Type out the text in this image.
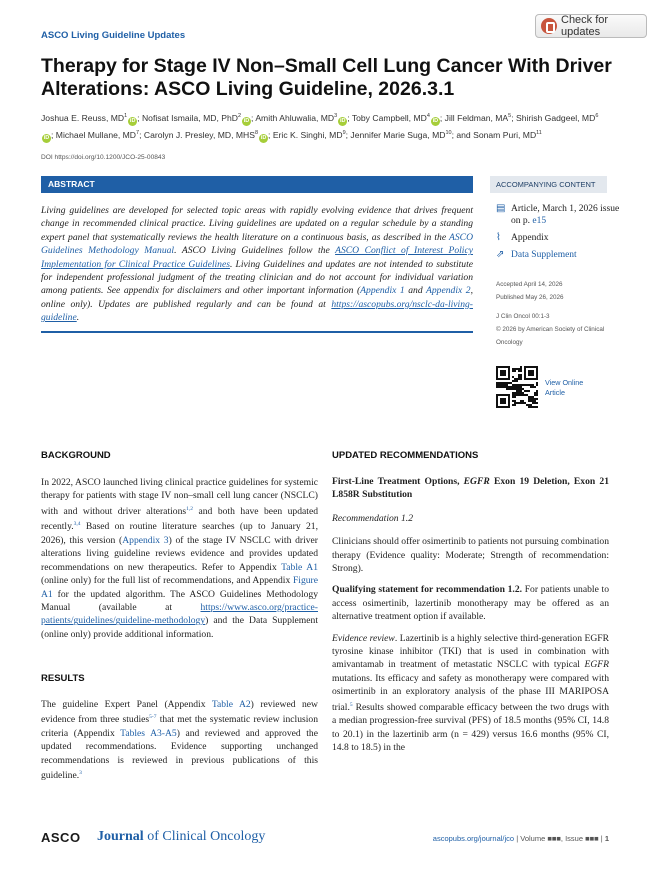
ASCO Living Guideline Updates
Check for updates
Therapy for Stage IV Non–Small Cell Lung Cancer With Driver Alterations: ASCO Living Guideline, 2026.3.1
Joshua E. Reuss, $MD^1iD$ ; Nofisat Ismaila, MD, PhD$^2$iD ; Amith Ahluwalia, $MD^3iD$ ; Toby Campbell, $MD^4iD$ ; Jill Feldman, $MA^5$; Shirish Gadgeel, $MD^6iD$ ; Michael Mullane, $MD^7$; Carolyn J. Presley, MD, MHS$^8$iD ; Eric K. Singhi, $MD^9$; Jennifer Marie Suga, MD$^{10}$; and Sonam Puri, MD$^{11}$
DOI https://doi.org/10.1200/JCO-25-00843
ABSTRACT

Living guidelines are developed for selected topic areas with rapidly evolving evidence that drives frequent change in recommended clinical practice. Living guidelines are updated on a regular schedule by a standing expert panel that systematically reviews the health literature on a continuous basis, as described in the ASCO Guidelines Methodology Manual. ASCO Living Guidelines follow the ASCO Conflict of Interest Policy Implementation for Clinical Practice Guidelines. Living Guidelines and updates are not intended to substitute for independent professional judgment of the treating clinician and do not account for individual variation among patients. See appendix for disclaimers and other important information (Appendix 1 and Appendix 2, online only). Updates are published regularly and can be found at https://ascopubs.org/nsclc-da-living-guideline.

ACCOMPANYING CONTENT
▤ Article, March 1, 2026 issue on p. e15
⌇	Appendix
⇗ Data Supplement
Accepted April 14, 2026
Published May 26, 2026
J Clin Oncol 00:1-3
© 2026 by American Society of Clinical Oncology
View Online Article
BACKGROUND

In 2022, ASCO launched living clinical practice guidelines for systemic therapy for patients with stage IV non–small cell lung cancer (NSCLC) with and without driver alterations$^{1,2}$ and both have been updated recently.$^{3,4}$ Based on routine literature searches (up to January 21, 2026), this version (Appendix 3) of the stage IV NSCLC with driver alterations living guideline reviews evidence and provides updated recommendations on new therapeutics. Refer to Appendix Table A1 (online only) for the full list of recommendations, and Appendix Figure A1 for the updated algorithm. The ASCO Guidelines Methodology Manual (available at https://www.asco.org/practice-patients/guidelines/guideline-methodology) and the Data Supplement (online only) provide additional information.

RESULTS

The guideline Expert Panel (Appendix Table A2) reviewed new evidence from three studies$^{5-7}$ that met the systematic review inclusion criteria (Appendix Tables A3-A5) and reviewed and approved the updated recommendations. Evidence supporting unchanged recommendations is reviewed in previous publications of this guideline.$^3$

UPDATED RECOMMENDATIONS

First-Line Treatment Options, EGFR Exon 19 Deletion, Exon 21 L858R Substitution

Recommendation 1.2

Clinicians should offer osimertinib to patients not pursuing combination therapy (Evidence quality: Moderate; Strength of recommendation: Strong).

Qualifying statement for recommendation 1.2. For patients unable to access osimertinib, lazertinib monotherapy may be offered as an alternative treatment option if available.

Evidence review. Lazertinib is a highly selective third-generation EGFR tyrosine kinase inhibitor (TKI) that is used in combination with amivantamab in treatment of metastatic NSCLC with typical EGFR mutations. Its efficacy and safety as monotherapy were compared with osimertinib in an exploratory analysis of the phase III MARIPOSA trial.$^5$ Results showed comparable efficacy between the two drugs with a median progression-free survival (PFS) of 18.5 months (95% CI, 14.8 to 20.1) in the lazertinib arm (n = 429) versus 16.6 months (95% CI, 14.8 to 18.5) in the

ASCO Journal of Clinical Oncology	ascopubs.org/journal/jco | Volume ■■■, Issue ■■■ | 1
